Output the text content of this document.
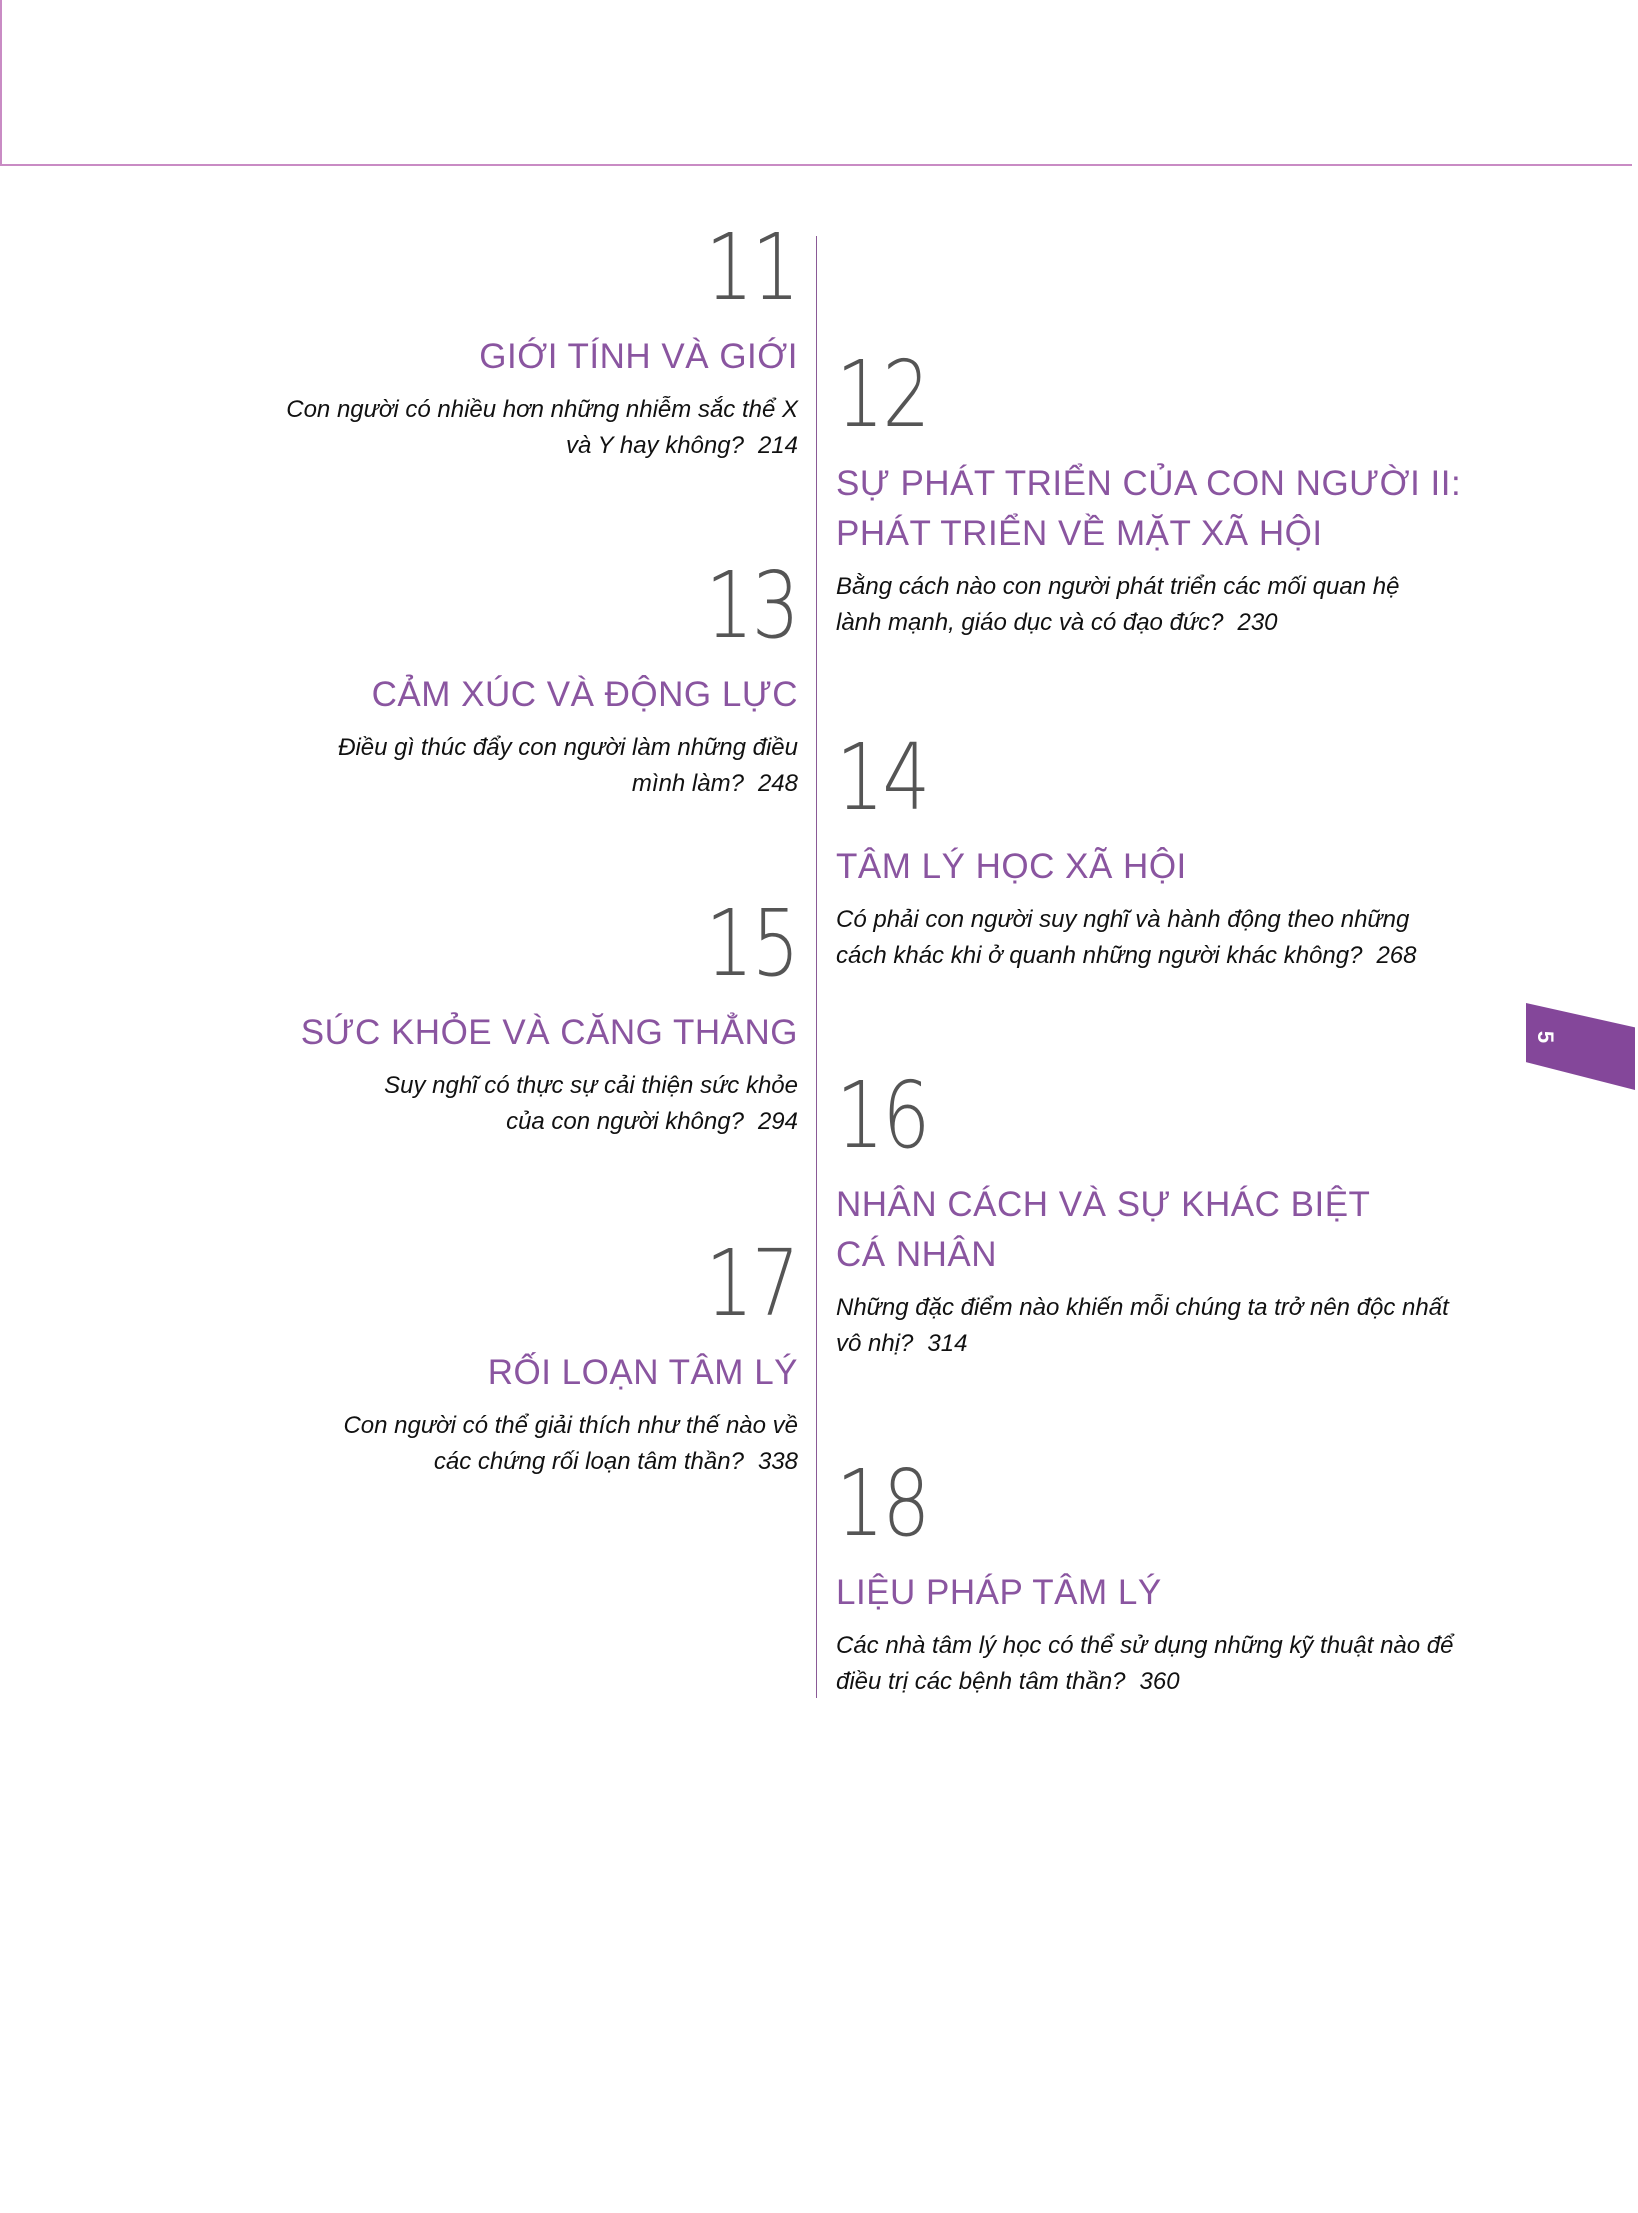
11
GIỚI TÍNH VÀ GIỚI
Con người có nhiều hơn những nhiễm sắc thể X
và Y hay không? 214 12
SỰ PHÁT TRIỂN CỦA CON NGƯỜI II:
PHÁT TRIỂN VỀ MẶT XÃ HỘI
Bằng cách nào con người phát triển các mối quan hệ
lành mạnh, giáo dục và có đạo đức? 230
13
CẢM XÚC VÀ ĐỘNG LỰC
Điều gì thúc đẩy con người làm những điều
mình làm? 248 14
TÂM LÝ HỌC XÃ HỘI
Có phải con người suy nghĩ và hành động theo những
cách khác khi ở quanh những người khác không? 268
15
SỨC KHỎE VÀ CĂNG THẲNG
Suy nghĩ có thực sự cải thiện sức khỏe
của con người không? 294 16
NHÂN CÁCH VÀ SỰ KHÁC BIỆT
CÁ NHÂN
Những đặc điểm nào khiến mỗi chúng ta trở nên độc nhất
vô nhị? 314
17
RỐI LOẠN TÂM LÝ
Con người có thể giải thích như thế nào về
các chứng rối loạn tâm thần? 338 18
LIỆU PHÁP TÂM LÝ
Các nhà tâm lý học có thể sử dụng những kỹ thuật nào để
điều trị các bệnh tâm thần? 360
5
